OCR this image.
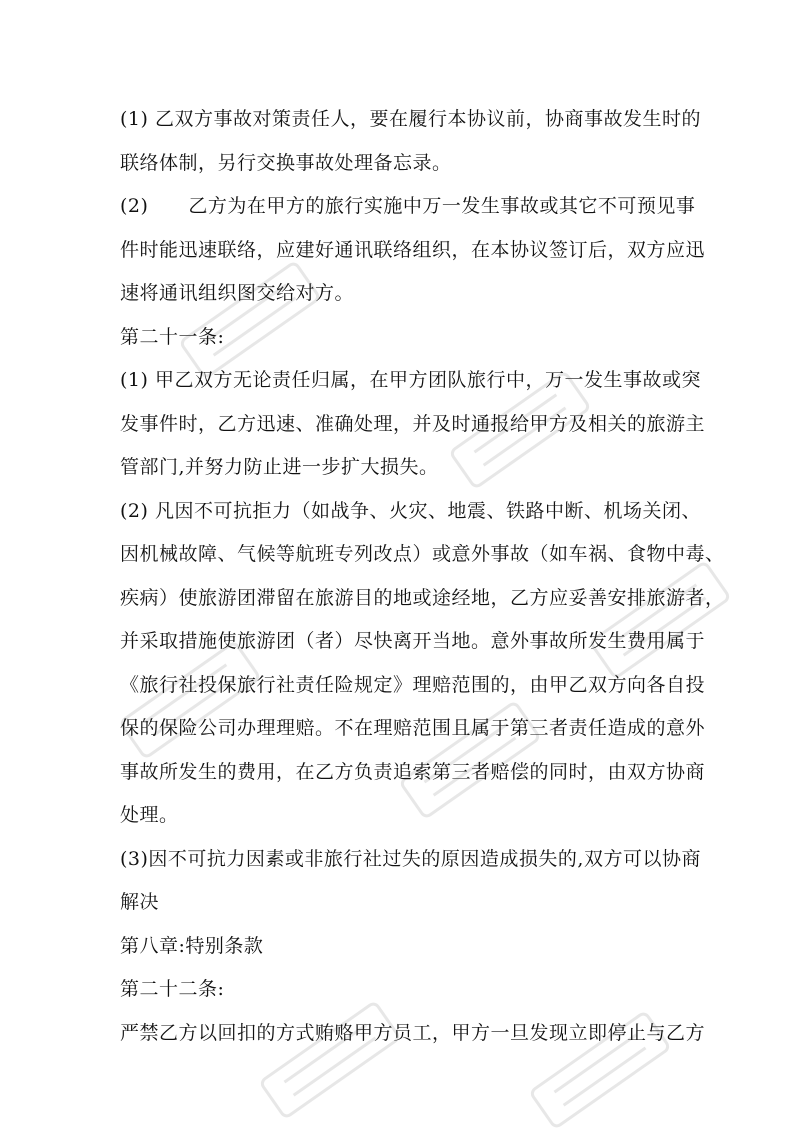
(1) 乙双方事故对策责任人，要在履行本协议前，协商事故发生时的
联络体制，另行交换事故处理备忘录。
(2) 乙方为在甲方的旅行实施中万一发生事故或其它不可预见事
件时能迅速联络，应建好通讯联络组织，在本协议签订后，双方应迅
速将通讯组织图交给对方。
第二十一条:
(1) 甲乙双方无论责任归属，在甲方团队旅行中，万一发生事故或突
发事件时，乙方迅速、准确处理，并及时通报给甲方及相关的旅游主
管部门,并努力防止进一步扩大损失。
(2) 凡因不可抗拒力（如战争、火灾、地震、铁路中断、机场关闭、
因机械故障、气候等航班专列改点）或意外事故（如车祸、食物中毒、
疾病）使旅游团滞留在旅游目的地或途经地，乙方应妥善安排旅游者，
并采取措施使旅游团（者）尽快离开当地。意外事故所发生费用属于
《旅行社投保旅行社责任险规定》理赔范围的，由甲乙双方向各自投
保的保险公司办理理赔。不在理赔范围且属于第三者责任造成的意外
事故所发生的费用，在乙方负责追索第三者赔偿的同时，由双方协商
处理。
(3)因不可抗力因素或非旅行社过失的原因造成损失的,双方可以协商
解决
第八章:特别条款
第二十二条:
严禁乙方以回扣的方式贿赂甲方员工，甲方一旦发现立即停止与乙方
